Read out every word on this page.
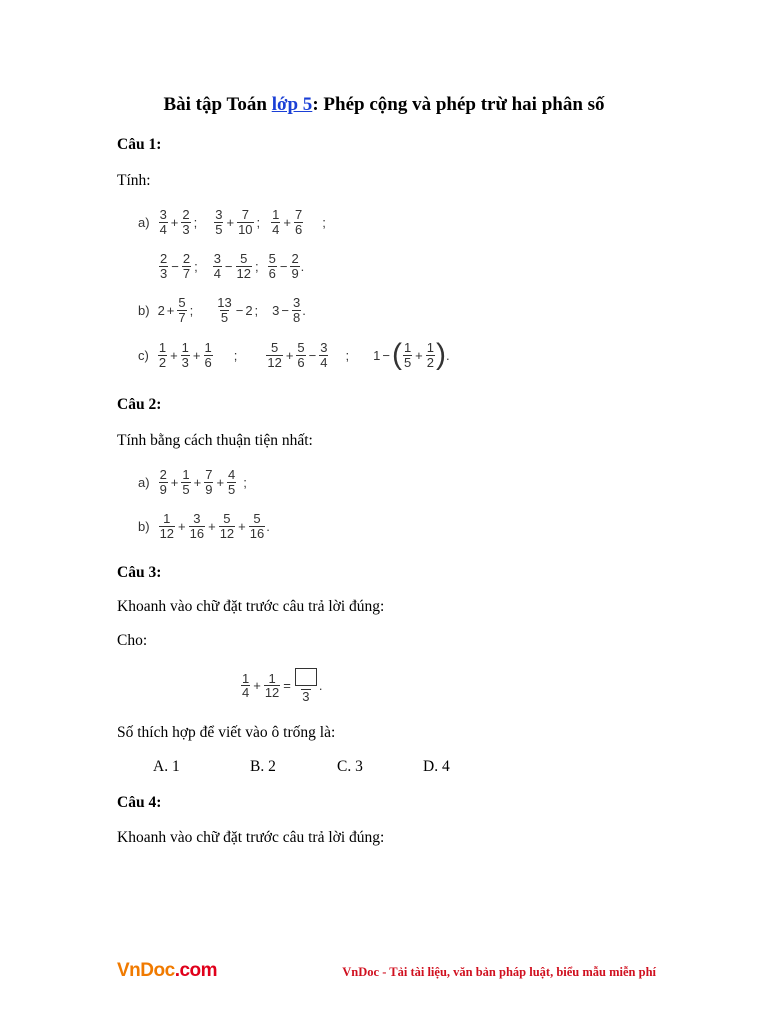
Bài tập Toán lớp 5: Phép cộng và phép trừ hai phân số
Câu 1:
Tính:
$a) \frac{3}{4} + \frac{2}{3}$ ; $\frac{3}{5} + \frac{7}{10}$ ; $\frac{1}{4} + \frac{7}{6}$ ;
$\frac{2}{3} - \frac{2}{7}$ ; $\frac{3}{4} - \frac{5}{12}$ ; $\frac{5}{6} - \frac{2}{9}$ .
b) $2 + \frac{5}{7}$ ; $\frac{13}{5} - 2$ ; $3 - \frac{3}{8}$ .
$c) \frac{1}{2} + \frac{1}{3} + \frac{1}{6}$ ; $\frac{5}{12} + \frac{5}{6} - \frac{3}{4}$ ; 1 − ( $\frac{1}{5} + \frac{1}{2}$ ) .
Câu 2:
Tính bằng cách thuận tiện nhất:
$a) \frac{2}{9} + \frac{1}{5} + \frac{7}{9} + \frac{4}{5}$ ;
$b) \frac{1}{12} + \frac{3}{16} + \frac{5}{12} + \frac{5}{16}$ .
Câu 3:
Khoanh vào chữ đặt trước câu trả lời đúng:
Cho:
$\frac{1}{4} + \frac{1}{12}$ =
3
.
Số thích hợp để viết vào ô trống là:
A. 1	B. 2	C. 3	D. 4
Câu 4:
Khoanh vào chữ đặt trước câu trả lời đúng:
VnDoc.com	VnDoc - Tải tài liệu, văn bản pháp luật, biểu mẫu miễn phí
